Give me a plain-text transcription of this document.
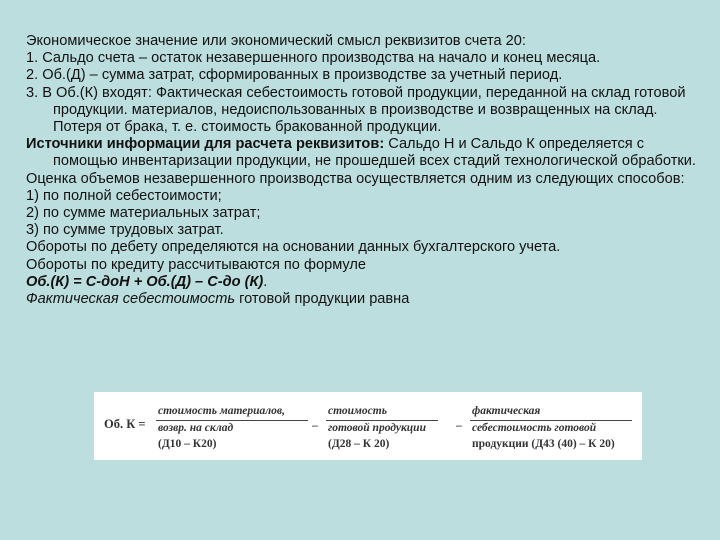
Экономическое значение или экономический смысл реквизитов счета 20:

1. Сальдо счета – остаток незавершенного производства на начало и конец месяца.

2. Об.(Д) – сумма затрат, сформированных в производстве за учетный период.

3. В Об.(К) входят: Фактическая себестоимость готовой продукции, переданной на склад готовой продукции. материалов, недоиспользованных в производстве и возвращенных на склад. Потеря от брака, т. е. стоимость бракованной продукции.

Источники информации для расчета реквизитов: Сальдо Н и Сальдо К определяется с помощью инвентаризации продукции, не прошедшей всех стадий технологической обработки.

Оценка объемов незавершенного производства осуществляется одним из следующих способов:

1) по полной себестоимости;

2) по сумме материальных затрат;

3) по сумме трудовых затрат.

Обороты по дебету определяются на основании данных бухгалтерского учета.

Обороты по кредиту рассчитываются по формуле

Об.(К) = С-доН + Об.(Д) – С-до (К).

Фактическая себестоимость готовой продукции равна

Об. К =
стоимость материалов,
возвр. на склад
(Д10 – К20)
–
стоимость
готовой продукции
(Д28 – К 20)
–
фактическая
себестоимость готовой
продукции (Д43 (40) – К 20)
